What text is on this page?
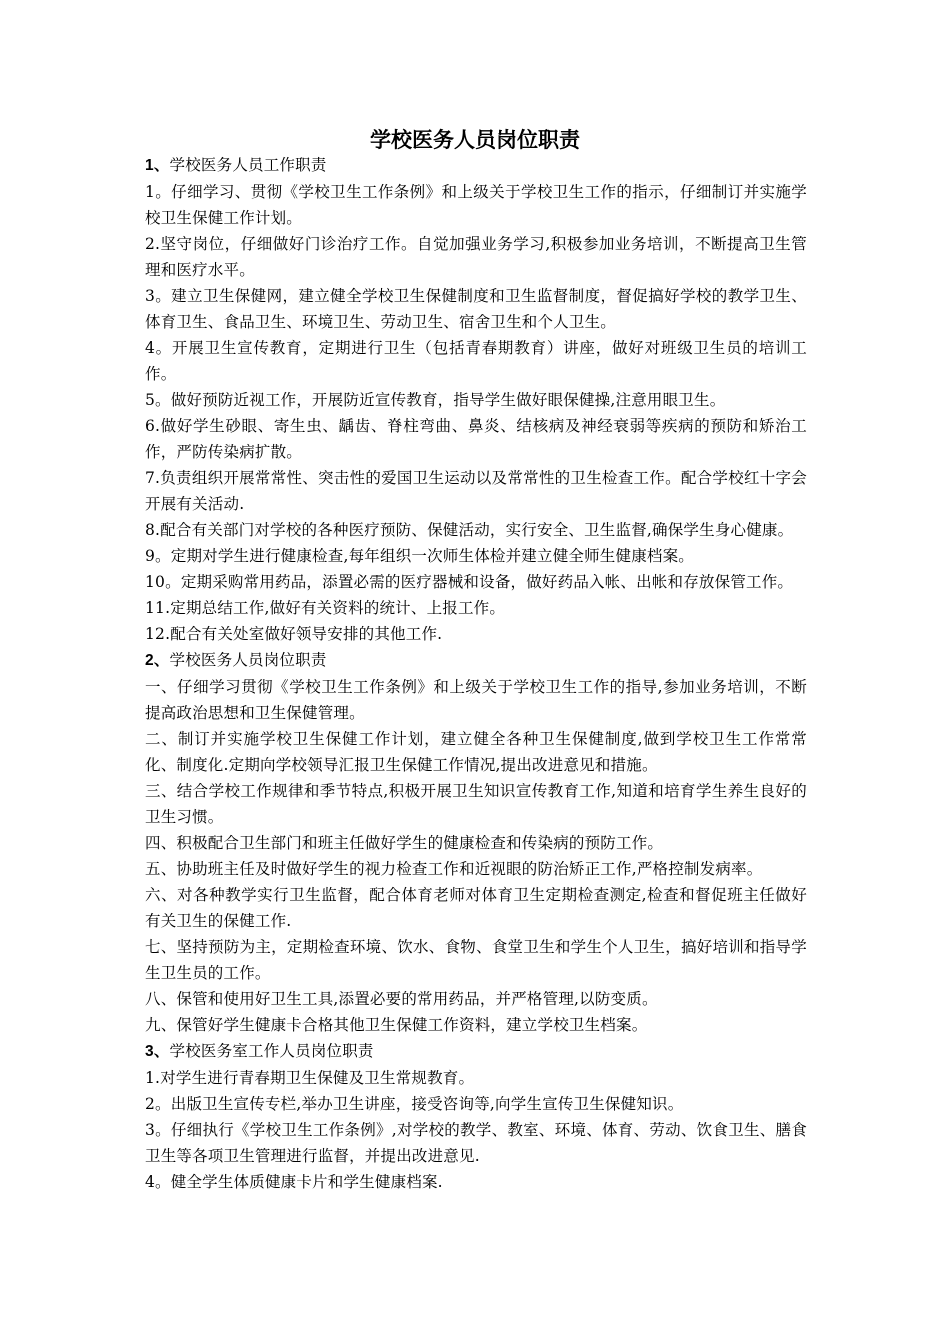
学校医务人员岗位职责

1、学校医务人员工作职责

1。仔细学习、贯彻《学校卫生工作条例》和上级关于学校卫生工作的指示，仔细制订并实施学校卫生保健工作计划。

2.坚守岗位，仔细做好门诊治疗工作。自觉加强业务学习,积极参加业务培训，不断提高卫生管理和医疗水平。

3。建立卫生保健网，建立健全学校卫生保健制度和卫生监督制度，督促搞好学校的教学卫生、体育卫生、食品卫生、环境卫生、劳动卫生、宿舍卫生和个人卫生。

4。开展卫生宣传教育，定期进行卫生（包括青春期教育）讲座，做好对班级卫生员的培训工作。

5。做好预防近视工作，开展防近宣传教育，指导学生做好眼保健操,注意用眼卫生。

6.做好学生砂眼、寄生虫、龋齿、脊柱弯曲、鼻炎、结核病及神经衰弱等疾病的预防和矫治工作，严防传染病扩散。

7.负责组织开展常常性、突击性的爱国卫生运动以及常常性的卫生检查工作。配合学校红十字会开展有关活动.

8.配合有关部门对学校的各种医疗预防、保健活动，实行安全、卫生监督,确保学生身心健康。

9。定期对学生进行健康检查,每年组织一次师生体检并建立健全师生健康档案。

10。定期采购常用药品，添置必需的医疗器械和设备，做好药品入帐、出帐和存放保管工作。

11.定期总结工作,做好有关资料的统计、上报工作。

12.配合有关处室做好领导安排的其他工作.

2、学校医务人员岗位职责

一、仔细学习贯彻《学校卫生工作条例》和上级关于学校卫生工作的指导,参加业务培训，不断提高政治思想和卫生保健管理。

二、制订并实施学校卫生保健工作计划，建立健全各种卫生保健制度,做到学校卫生工作常常化、制度化.定期向学校领导汇报卫生保健工作情况,提出改进意见和措施。

三、结合学校工作规律和季节特点,积极开展卫生知识宣传教育工作,知道和培育学生养生良好的卫生习惯。

四、积极配合卫生部门和班主任做好学生的健康检查和传染病的预防工作。

五、协助班主任及时做好学生的视力检查工作和近视眼的防治矫正工作,严格控制发病率。

六、对各种教学实行卫生监督，配合体育老师对体育卫生定期检查测定,检查和督促班主任做好有关卫生的保健工作.

七、坚持预防为主，定期检查环境、饮水、食物、食堂卫生和学生个人卫生，搞好培训和指导学生卫生员的工作。

八、保管和使用好卫生工具,添置必要的常用药品，并严格管理,以防变质。

九、保管好学生健康卡合格其他卫生保健工作资料，建立学校卫生档案。

3、学校医务室工作人员岗位职责

1.对学生进行青春期卫生保健及卫生常规教育。

2。出版卫生宣传专栏,举办卫生讲座，接受咨询等,向学生宣传卫生保健知识。

3。仔细执行《学校卫生工作条例》,对学校的教学、教室、环境、体育、劳动、饮食卫生、膳食卫生等各项卫生管理进行监督，并提出改进意见.

4。健全学生体质健康卡片和学生健康档案.
